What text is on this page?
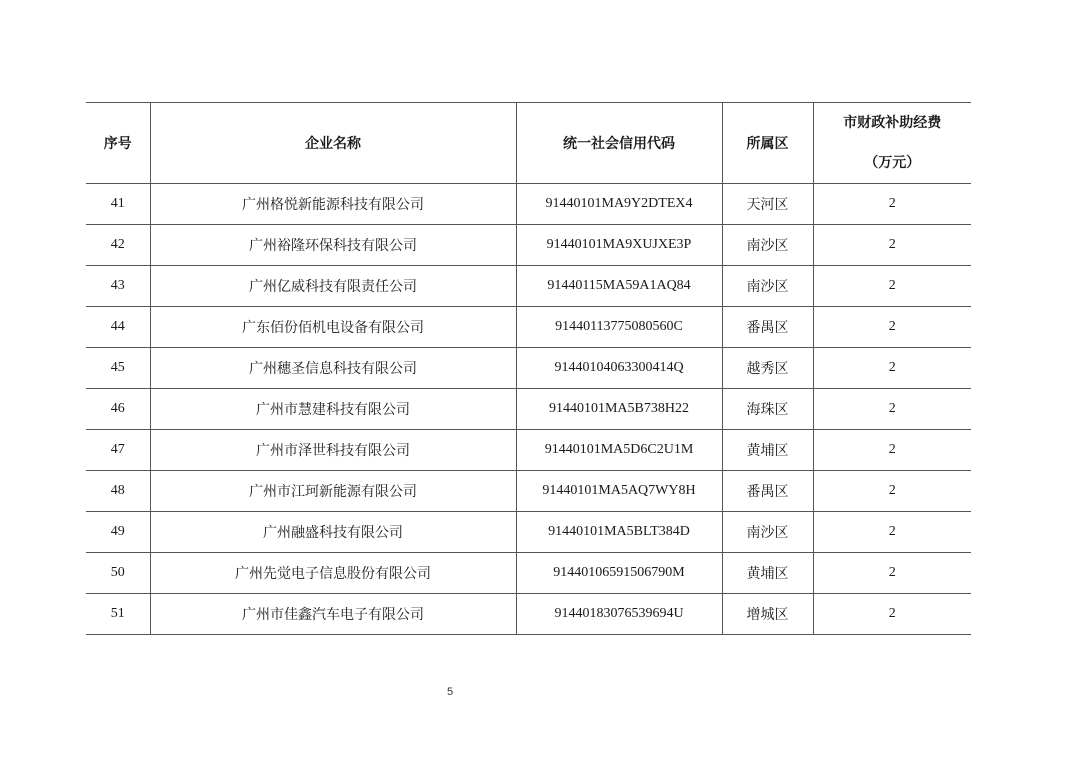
序号	企业名称	统一社会信用代码	所属区	市财政补助经费
（万元）

41	广州格悦新能源科技有限公司	91440101MA9Y2DTEX4	天河区	2
42	广州裕隆环保科技有限公司	91440101MA9XUJXE3P	南沙区	2
43	广州亿威科技有限责任公司	91440115MA59A1AQ84	南沙区	2
44	广东佰份佰机电设备有限公司	91440113775080560C	番禺区	2
45	广州穗圣信息科技有限公司	91440104063300414Q	越秀区	2
46	广州市慧建科技有限公司	91440101MA5B738H22	海珠区	2
47	广州市泽世科技有限公司	91440101MA5D6C2U1M	黄埔区	2
48	广州市江珂新能源有限公司	91440101MA5AQ7WY8H	番禺区	2
49	广州融盛科技有限公司	91440101MA5BLT384D	南沙区	2
50	广州先觉电子信息股份有限公司	91440106591506790M	黄埔区	2
51	广州市佳鑫汽车电子有限公司	91440183076539694U	增城区	2
5
